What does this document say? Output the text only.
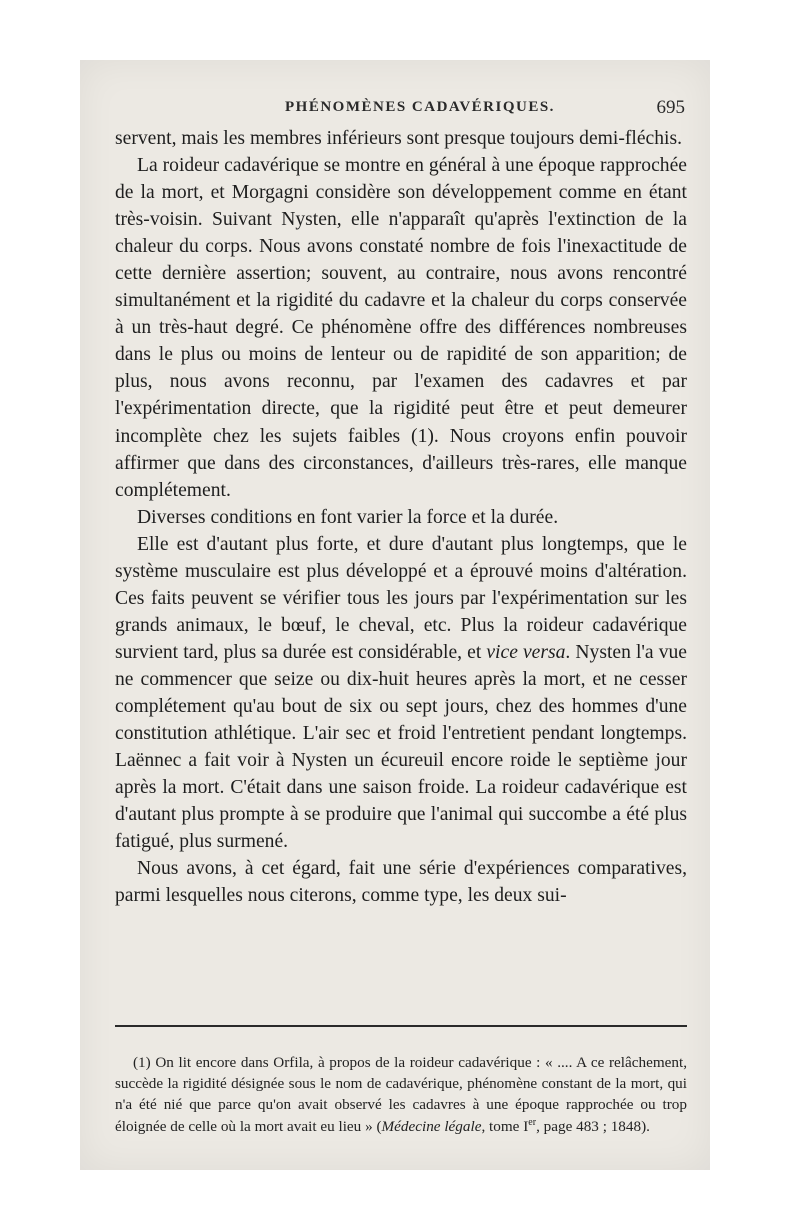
PHÉNOMÈNES CADAVÉRIQUES.	695

servent, mais les membres inférieurs sont presque toujours demi-fléchis.

La roideur cadavérique se montre en général à une époque rapprochée de la mort, et Morgagni considère son développement comme en étant très-voisin. Suivant Nysten, elle n'apparaît qu'après l'extinction de la chaleur du corps. Nous avons constaté nombre de fois l'inexactitude de cette dernière assertion; souvent, au contraire, nous avons rencontré simultanément et la rigidité du cadavre et la chaleur du corps conservée à un très-haut degré. Ce phénomène offre des différences nombreuses dans le plus ou moins de lenteur ou de rapidité de son apparition; de plus, nous avons reconnu, par l'examen des cadavres et par l'expérimentation directe, que la rigidité peut être et peut demeurer incomplète chez les sujets faibles (1). Nous croyons enfin pouvoir affirmer que dans des circonstances, d'ailleurs très-rares, elle manque complétement.

Diverses conditions en font varier la force et la durée.

Elle est d'autant plus forte, et dure d'autant plus longtemps, que le système musculaire est plus développé et a éprouvé moins d'altération. Ces faits peuvent se vérifier tous les jours par l'expérimentation sur les grands animaux, le bœuf, le cheval, etc. Plus la roideur cadavérique survient tard, plus sa durée est considérable, et vice versa. Nysten l'a vue ne commencer que seize ou dix-huit heures après la mort, et ne cesser complétement qu'au bout de six ou sept jours, chez des hommes d'une constitution athlétique. L'air sec et froid l'entretient pendant longtemps. Laënnec a fait voir à Nysten un écureuil encore roide le septième jour après la mort. C'était dans une saison froide. La roideur cadavérique est d'autant plus prompte à se produire que l'animal qui succombe a été plus fatigué, plus surmené.

Nous avons, à cet égard, fait une série d'expériences comparatives, parmi lesquelles nous citerons, comme type, les deux sui-

(1) On lit encore dans Orfila, à propos de la roideur cadavérique : « .... A ce relâchement, succède la rigidité désignée sous le nom de cadavérique, phénomène constant de la mort, qui n'a été nié que parce qu'on avait observé les cadavres à une époque rapprochée ou trop éloignée de celle où la mort avait eu lieu » (Médecine légale, tome Ier, page 483 ; 1848).
